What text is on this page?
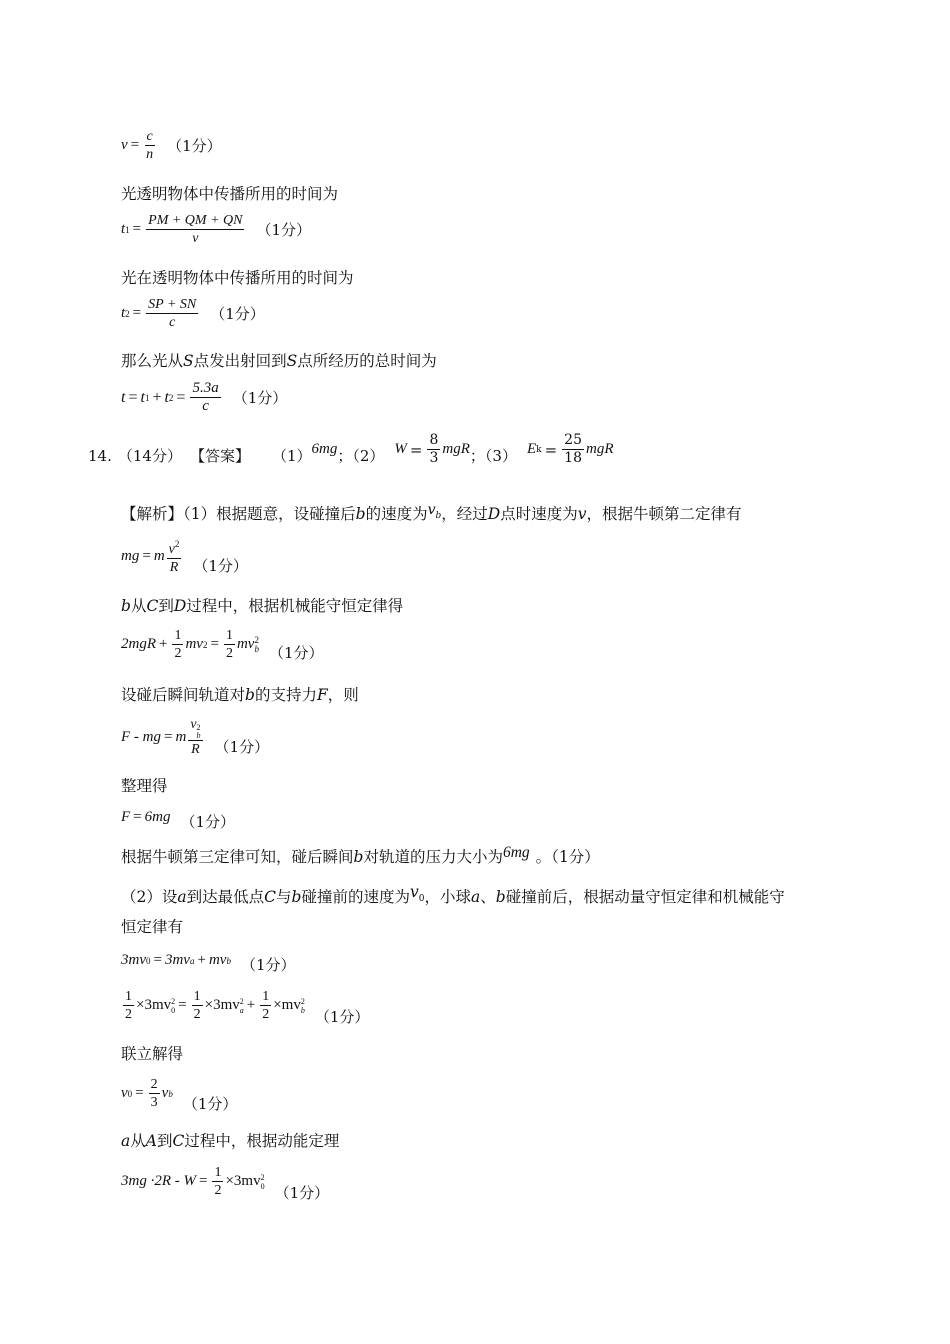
$v = \frac{c}{n} (1$分）
光透明物体中传播所用的时间为
t $1 = \frac{PM + QM + QN}{v} (1$分）
光在透明物体中传播所用的时间为
t $2 = \frac{SP + SN}{c} (1$分）
那么光从S点发出射回到S点所经历的总时间为
t = t 1 + t $2 = \frac{5.3a}{c} (1$分）
14. （14分） 【答案】 （1） 6mg ；（2） $W = \frac{8}{3}$ mgR ；（3） E $k = \frac{25}{18}$ mgR
【解析】（1）根据题意，设碰撞后b的速度为vb，经过D点时速度为v，根据牛顿第二定律有
mg = m $\frac{v^2}{R} (1$分）
b从C到D过程中，根据机械能守恒定律得
$2mgR + \frac{1}{2}$ mv $2 = \frac{1}{2}$ mv 2
b （1分）
设碰后瞬间轨道对b的支持力F，则
F - mg = m v 2
b
R （1分）
整理得
F = 6mg （1分）
根据牛顿第三定律可知，碰后瞬间b对轨道的压力大小为6mg 。（1分）
（2）设a到达最低点C与b碰撞前的速度为$v_0$，小球a、b碰撞前后，根据动量守恒定律和机械能守
恒定律有
3mv 0 = 3mv a + mv b （1分）
$\frac{1}{2} \times 3mv$ 2
$0 = \frac{1}{2} \times 3mv$ 2
$a + \frac{1}{2} \times mv$ 2
b （1分）
联立解得
v $0 = \frac{2}{3}$ v b
（1分）
a从A到C过程中，根据动能定理
$3mg \cdot 2R - W = \frac{1}{2} \times 3mv$ 2
0 （1分）
